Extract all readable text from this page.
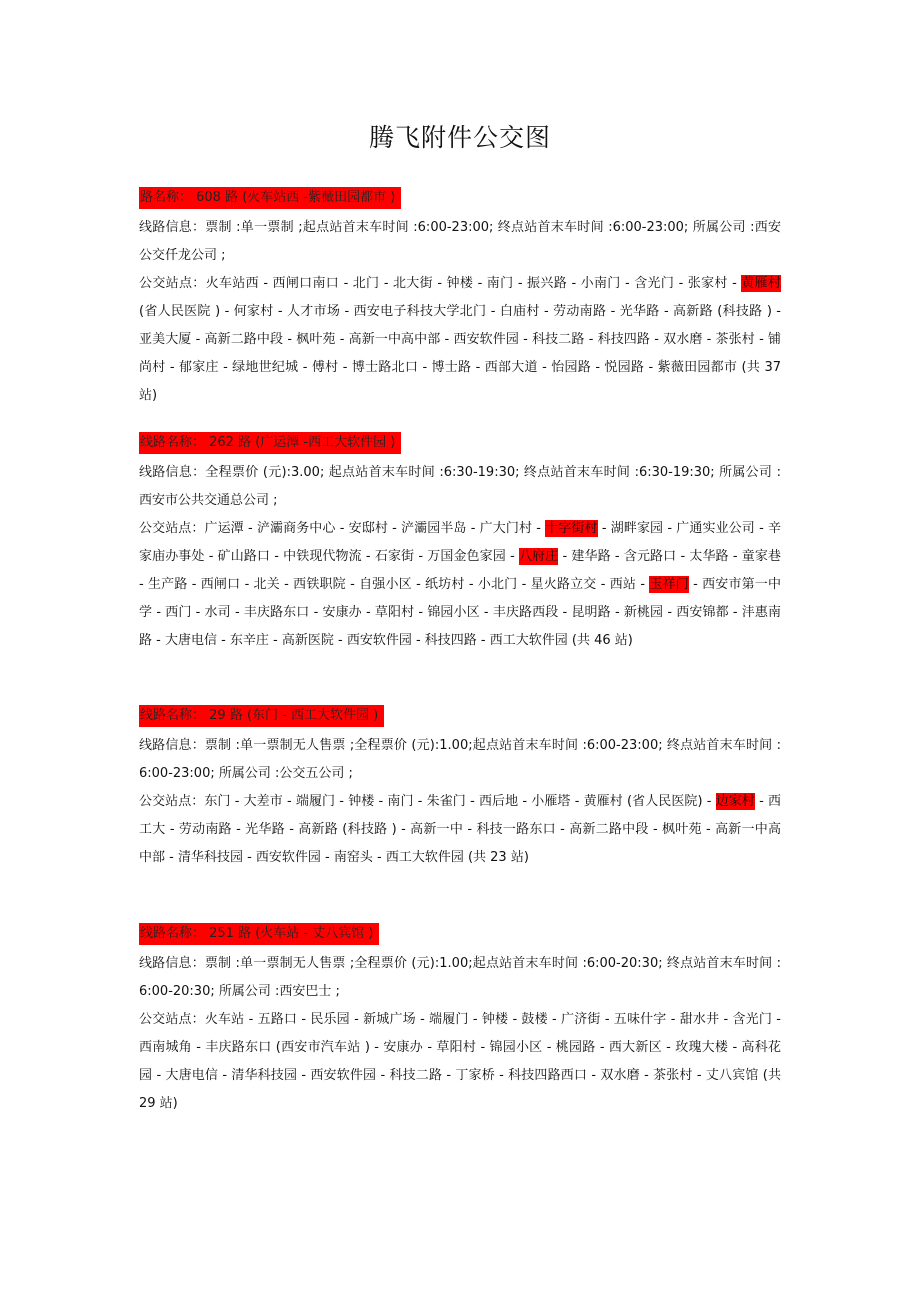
腾飞附件公交图
路名称： 608 路 (火车站西 -紫薇田园都市 )

线路信息：票制 :单一票制 ;起点站首末车时间 :6:00-23:00; 终点站首末车时间 :6:00-23:00; 所属公司 :西安公交仟龙公司 ;

公交站点：火车站西 - 西闸口南口 - 北门 - 北大街 - 钟楼 - 南门 - 振兴路 - 小南门 - 含光门 - 张家村 - 黄雁村 (省人民医院 ) - 何家村 - 人才市场 - 西安电子科技大学北门 - 白庙村 - 劳动南路 - 光华路 - 高新路 (科技路 ) - 亚美大厦 - 高新二路中段 - 枫叶苑 - 高新一中高中部 - 西安软件园 - 科技二路 - 科技四路 - 双水磨 - 茶张村 - 铺尚村 - 郁家庄 - 绿地世纪城 - 傅村 - 博士路北口 - 博士路 - 西部大道 - 怡园路 - 悦园路 - 紫薇田园都市 (共 37 站)

线路名称： 262 路 (广运潭 -西工大软件园 )

线路信息：全程票价 (元):3.00; 起点站首末车时间 :6:30-19:30; 终点站首末车时间 :6:30-19:30; 所属公司 :西安市公共交通总公司 ;

公交站点：广运潭 - 浐灞商务中心 - 安邸村 - 浐灞园半岛 - 广大门村 - 十字街村 - 湖畔家园 - 广通实业公司 - 辛家庙办事处 - 矿山路口 - 中铁现代物流 - 石家街 - 万国金色家园 - 八府庄 - 建华路 - 含元路口 - 太华路 - 童家巷 - 生产路 - 西闸口 - 北关 - 西铁职院 - 自强小区 - 纸坊村 - 小北门 - 星火路立交 - 西站 - 玉祥门 - 西安市第一中学 - 西门 - 水司 - 丰庆路东口 - 安康办 - 草阳村 - 锦园小区 - 丰庆路西段 - 昆明路 - 新桃园 - 西安锦都 - 沣惠南路 - 大唐电信 - 东辛庄 - 高新医院 - 西安软件园 - 科技四路 - 西工大软件园 (共 46 站)

线路名称： 29 路 (东门 - 西工大软件园 )

线路信息：票制 :单一票制无人售票 ;全程票价 (元):1.00;起点站首末车时间 :6:00-23:00; 终点站首末车时间 :6:00-23:00; 所属公司 :公交五公司 ;

公交站点：东门 - 大差市 - 端履门 - 钟楼 - 南门 - 朱雀门 - 西后地 - 小雁塔 - 黄雁村 (省人民医院) - 边家村 - 西工大 - 劳动南路 - 光华路 - 高新路 (科技路 ) - 高新一中 - 科技一路东口 - 高新二路中段 - 枫叶苑 - 高新一中高中部 - 清华科技园 - 西安软件园 - 南窑头 - 西工大软件园 (共 23 站)

线路名称： 251 路 (火车站 - 丈八宾馆 )

线路信息：票制 :单一票制无人售票 ;全程票价 (元):1.00;起点站首末车时间 :6:00-20:30; 终点站首末车时间 :6:00-20:30; 所属公司 :西安巴士 ;

公交站点：火车站 - 五路口 - 民乐园 - 新城广场 - 端履门 - 钟楼 - 鼓楼 - 广济街 - 五味什字 - 甜水井 - 含光门 - 西南城角 - 丰庆路东口 (西安市汽车站 ) - 安康办 - 草阳村 - 锦园小区 - 桃园路 - 西大新区 - 玫瑰大楼 - 高科花园 - 大唐电信 - 清华科技园 - 西安软件园 - 科技二路 - 丁家桥 - 科技四路西口 - 双水磨 - 茶张村 - 丈八宾馆 (共 29 站)
